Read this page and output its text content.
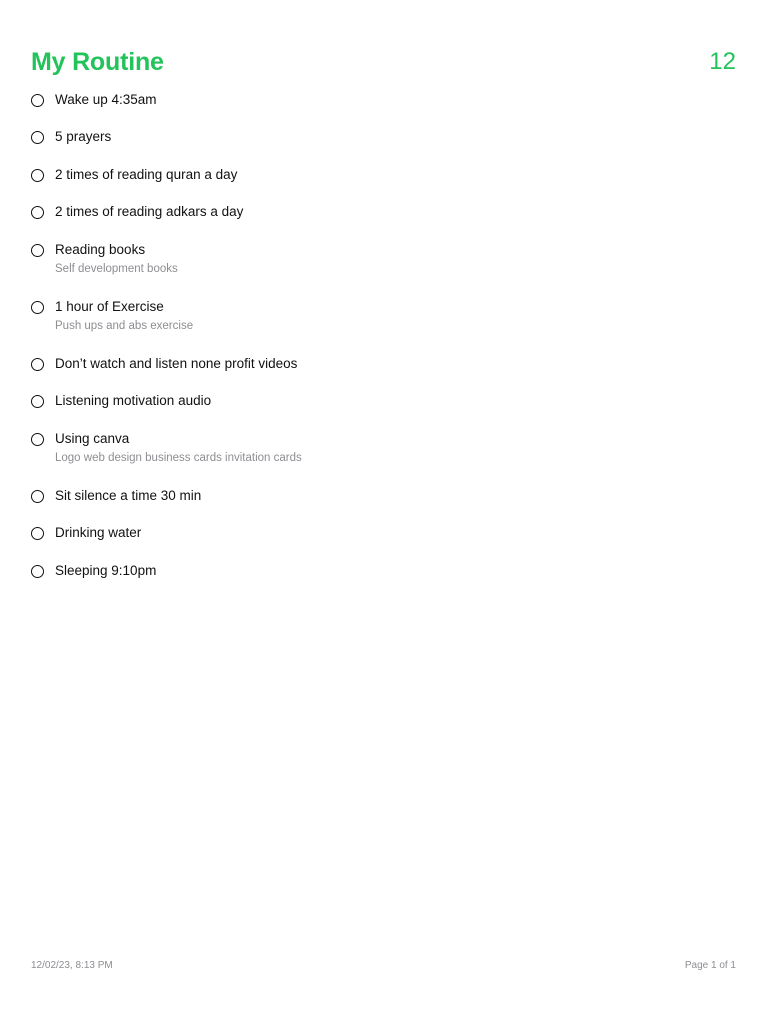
My Routine	12
Wake up 4:35am
5 prayers
2 times of reading quran a day
2 times of reading adkars a day
Reading books
Self development books
1 hour of Exercise
Push ups and abs exercise
Don’t watch and listen none profit videos
Listening motivation audio
Using canva
Logo web design business cards invitation cards
Sit silence a time 30 min
Drinking water
Sleeping 9:10pm
12/02/23, 8:13 PM	Page 1 of 1
